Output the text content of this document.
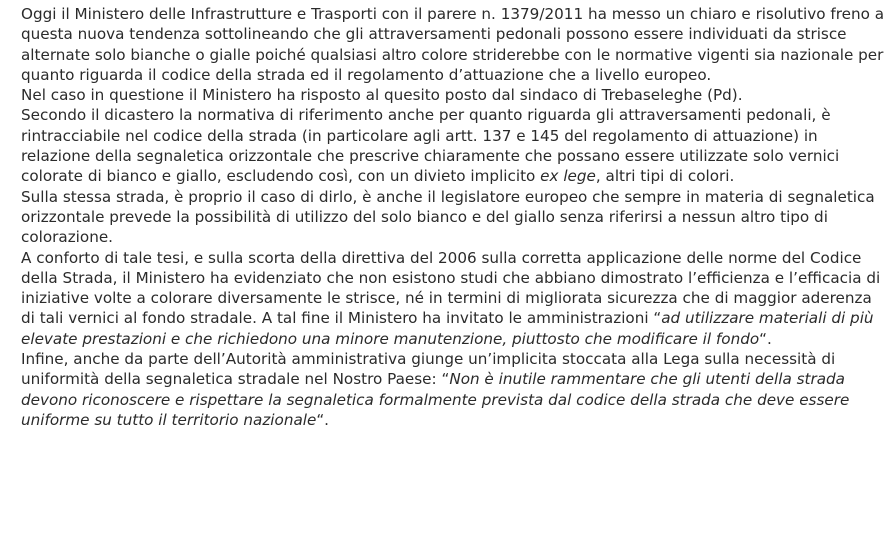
Oggi il Ministero delle Infrastrutture e Trasporti con il parere n. 1379/2011 ha messo un chiaro e risolutivo freno a questa nuova tendenza sottolineando che gli attraversamenti pedonali possono essere individuati da strisce alternate solo bianche o gialle poiché qualsiasi altro colore striderebbe con le normative vigenti sia nazionale per quanto riguarda il codice della strada ed il regolamento d’attuazione che a livello europeo.

Nel caso in questione il Ministero ha risposto al quesito posto dal sindaco di Trebaseleghe (Pd).

Secondo il dicastero la normativa di riferimento anche per quanto riguarda gli attraversamenti pedonali, è rintracciabile nel codice della strada (in particolare agli artt. 137 e 145 del regolamento di attuazione) in relazione della segnaletica orizzontale che prescrive chiaramente che possano essere utilizzate solo vernici colorate di bianco e giallo, escludendo così, con un divieto implicito ex lege, altri tipi di colori.

Sulla stessa strada, è proprio il caso di dirlo, è anche il legislatore europeo che sempre in materia di segnaletica orizzontale prevede la possibilità di utilizzo del solo bianco e del giallo senza riferirsi a nessun altro tipo di colorazione.

A conforto di tale tesi, e sulla scorta della direttiva del 2006 sulla corretta applicazione delle norme del Codice della Strada, il Ministero ha evidenziato che non esistono studi che abbiano dimostrato l’efficienza e l’efficacia di iniziative volte a colorare diversamente le strisce, né in termini di migliorata sicurezza che di maggior aderenza di tali vernici al fondo stradale. A tal fine il Ministero ha invitato le amministrazioni “ad utilizzare materiali di più elevate prestazioni e che richiedono una minore manutenzione, piuttosto che modificare il fondo“.

Infine, anche da parte dell’Autorità amministrativa giunge un’implicita stoccata alla Lega sulla necessità di uniformità della segnaletica stradale nel Nostro Paese: “Non è inutile rammentare che gli utenti della strada devono riconoscere e rispettare la segnaletica formalmente prevista dal codice della strada che deve essere uniforme su tutto il territorio nazionale“.
